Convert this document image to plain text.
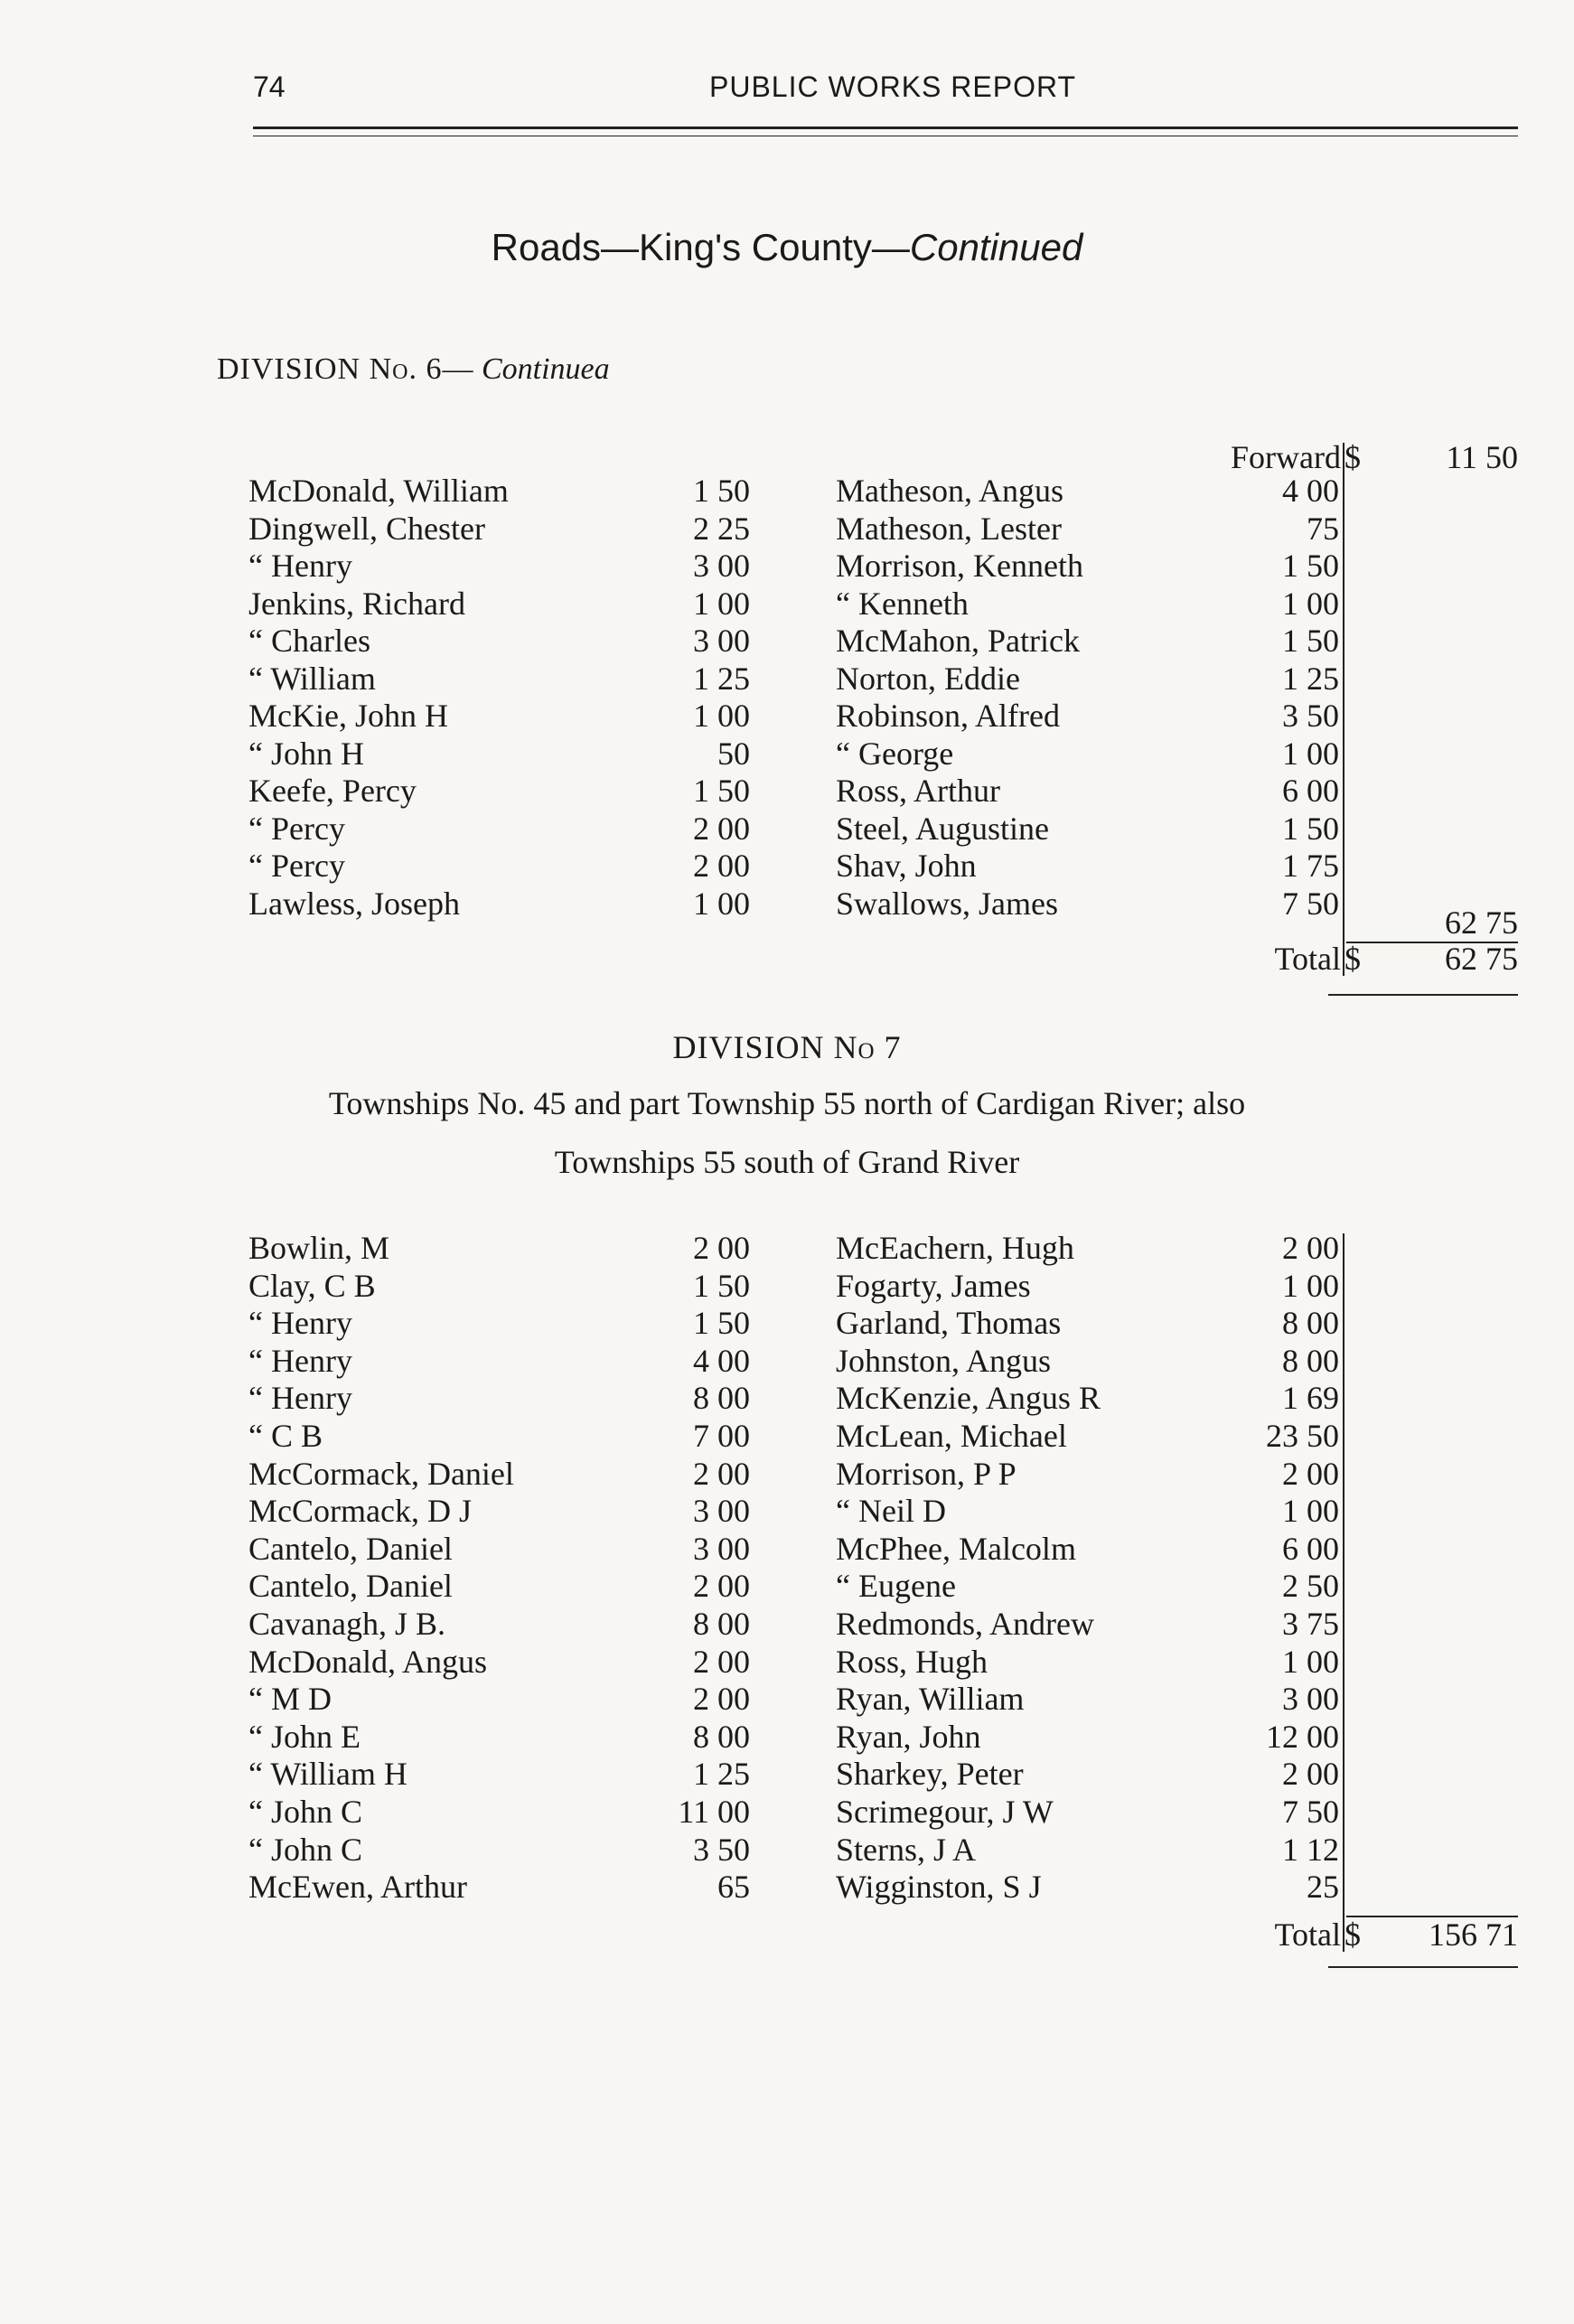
74	PUBLIC WORKS REPORT
Roads—King's County—Continued
DIVISION No. 6— Continuea
Forward $	11 50
McDonald, William	1 50
Dingwell, Chester	2 25
“ Henry	3 00
Jenkins, Richard	1 00
“ Charles	3 00
“ William	1 25
McKie, John H	1 00
“ John H	50
Keefe, Percy	1 50
“ Percy	2 00
“ Percy	2 00
Lawless, Joseph	1 00
Matheson, Angus	4 00
Matheson, Lester	75
Morrison, Kenneth	1 50
“ Kenneth	1 00
McMahon, Patrick	1 50
Norton, Eddie	1 25
Robinson, Alfred	3 50
“ George	1 00
Ross, Arthur	6 00
Steel, Augustine	1 50
Shav, John	1 75
Swallows, James	7 50
62 75
Total $	62 75
DIVISION No 7
Townships No. 45 and part Township 55 north of Cardigan River; also
Townships 55 south of Grand River
Bowlin, M	2 00
Clay, C B	1 50
“ Henry	1 50
“ Henry	4 00
“ Henry	8 00
“ C B	7 00
McCormack, Daniel	2 00
McCormack, D J	3 00
Cantelo, Daniel	3 00
Cantelo, Daniel	2 00
Cavanagh, J B.	8 00
McDonald, Angus	2 00
“ M D	2 00
“ John E	8 00
“ William H	1 25
“ John C	11 00
“ John C	3 50
McEwen, Arthur	65
McEachern, Hugh	2 00
Fogarty, James	1 00
Garland, Thomas	8 00
Johnston, Angus	8 00
McKenzie, Angus R	1 69
McLean, Michael	23 50
Morrison, P P	2 00
“ Neil D	1 00
McPhee, Malcolm	6 00
“ Eugene	2 50
Redmonds, Andrew	3 75
Ross, Hugh	1 00
Ryan, William	3 00
Ryan, John	12 00
Sharkey, Peter	2 00
Scrimegour, J W	7 50
Sterns, J A	1 12
Wigginston, S J	25
Total $	156 71
